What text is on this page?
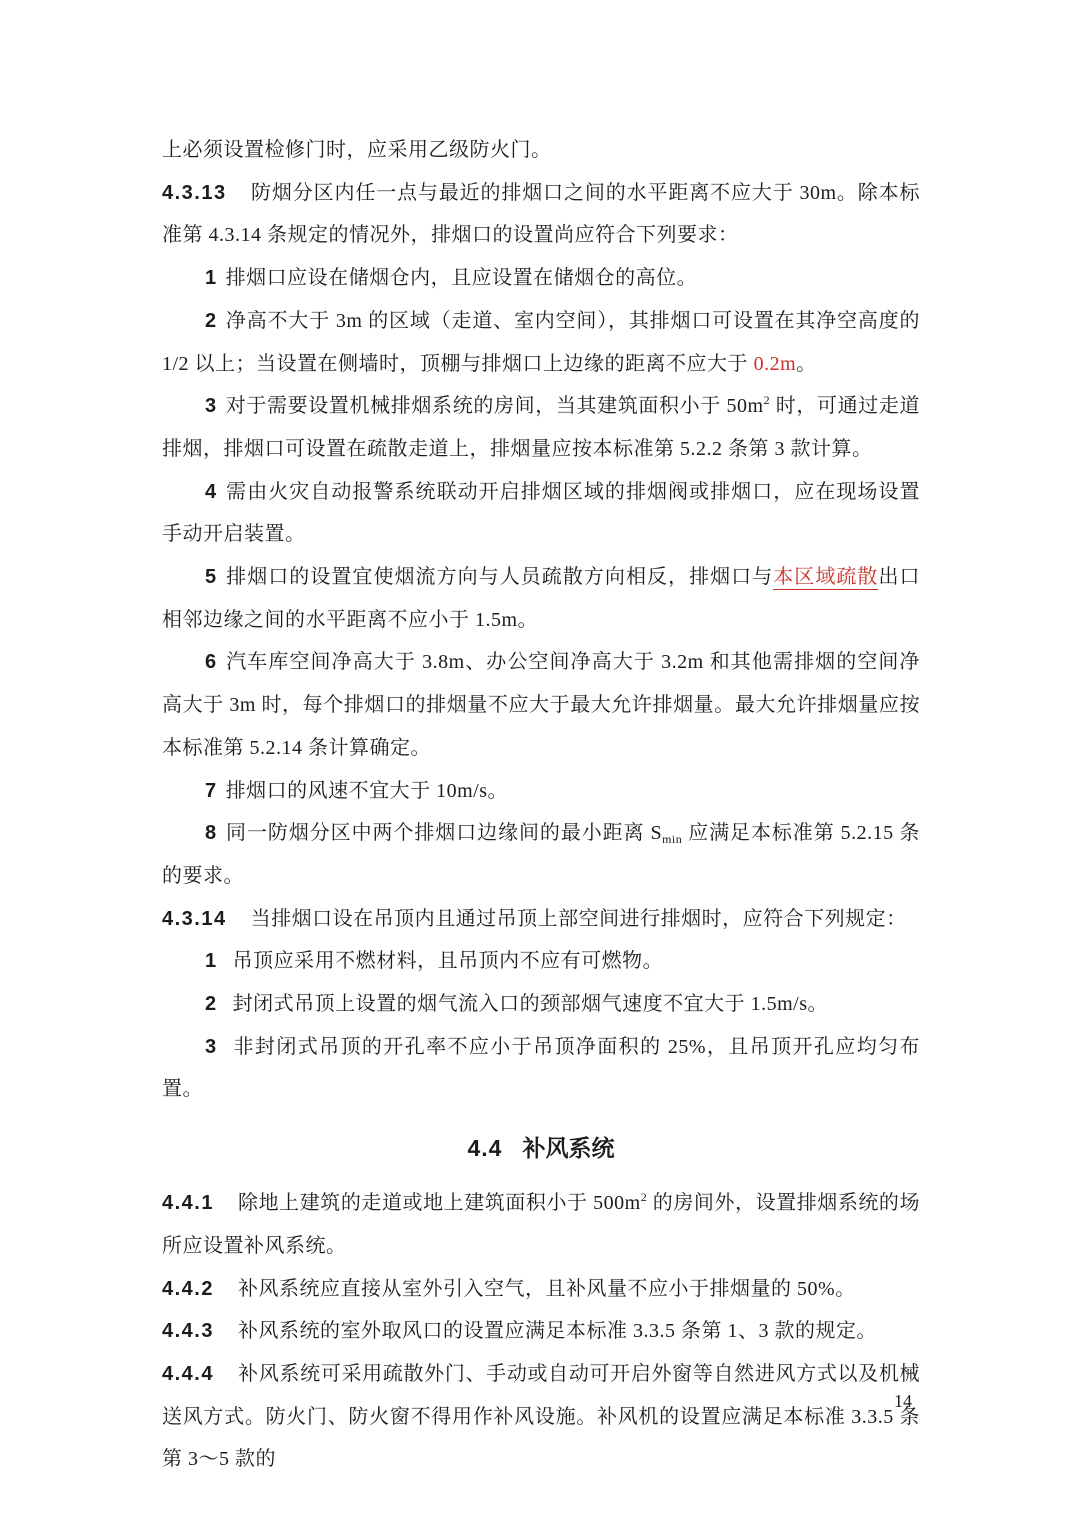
上必须设置检修门时，应采用乙级防火门。

4.3.13 防烟分区内任一点与最近的排烟口之间的水平距离不应大于 30m。除本标准第 4.3.14 条规定的情况外，排烟口的设置尚应符合下列要求：

1 排烟口应设在储烟仓内，且应设置在储烟仓的高位。

2 净高不大于 3m 的区域（走道、室内空间），其排烟口可设置在其净空高度的 1/2 以上；当设置在侧墙时，顶棚与排烟口上边缘的距离不应大于 0.2m。

3 对于需要设置机械排烟系统的房间，当其建筑面积小于 $50m^2$ 时，可通过走道排烟，排烟口可设置在疏散走道上，排烟量应按本标准第 5.2.2 条第 3 款计算。

4 需由火灾自动报警系统联动开启排烟区域的排烟阀或排烟口，应在现场设置手动开启装置。

5 排烟口的设置宜使烟流方向与人员疏散方向相反，排烟口与本区域疏散出口相邻边缘之间的水平距离不应小于 1.5m。

6 汽车库空间净高大于 3.8m、办公空间净高大于 3.2m 和其他需排烟的空间净高大于 3m 时，每个排烟口的排烟量不应大于最大允许排烟量。最大允许排烟量应按本标准第 5.2.14 条计算确定。

7 排烟口的风速不宜大于 10m/s。

8 同一防烟分区中两个排烟口边缘间的最小距离 $S_{min}$ 应满足本标准第 5.2.15 条的要求。

4.3.14 当排烟口设在吊顶内且通过吊顶上部空间进行排烟时，应符合下列规定：

1 吊顶应采用不燃材料，且吊顶内不应有可燃物。

2 封闭式吊顶上设置的烟气流入口的颈部烟气速度不宜大于 1.5m/s。

3 非封闭式吊顶的开孔率不应小于吊顶净面积的 25%，且吊顶开孔应均匀布置。

4.4 补风系统

4.4.1 除地上建筑的走道或地上建筑面积小于 $500m^2$ 的房间外，设置排烟系统的场所应设置补风系统。

4.4.2 补风系统应直接从室外引入空气，且补风量不应小于排烟量的 50%。

4.4.3 补风系统的室外取风口的设置应满足本标准 3.3.5 条第 1、3 款的规定。

4.4.4 补风系统可采用疏散外门、手动或自动可开启外窗等自然进风方式以及机械送风方式。防火门、防火窗不得用作补风设施。补风机的设置应满足本标准 3.3.5 条第 3～5 款的

14
